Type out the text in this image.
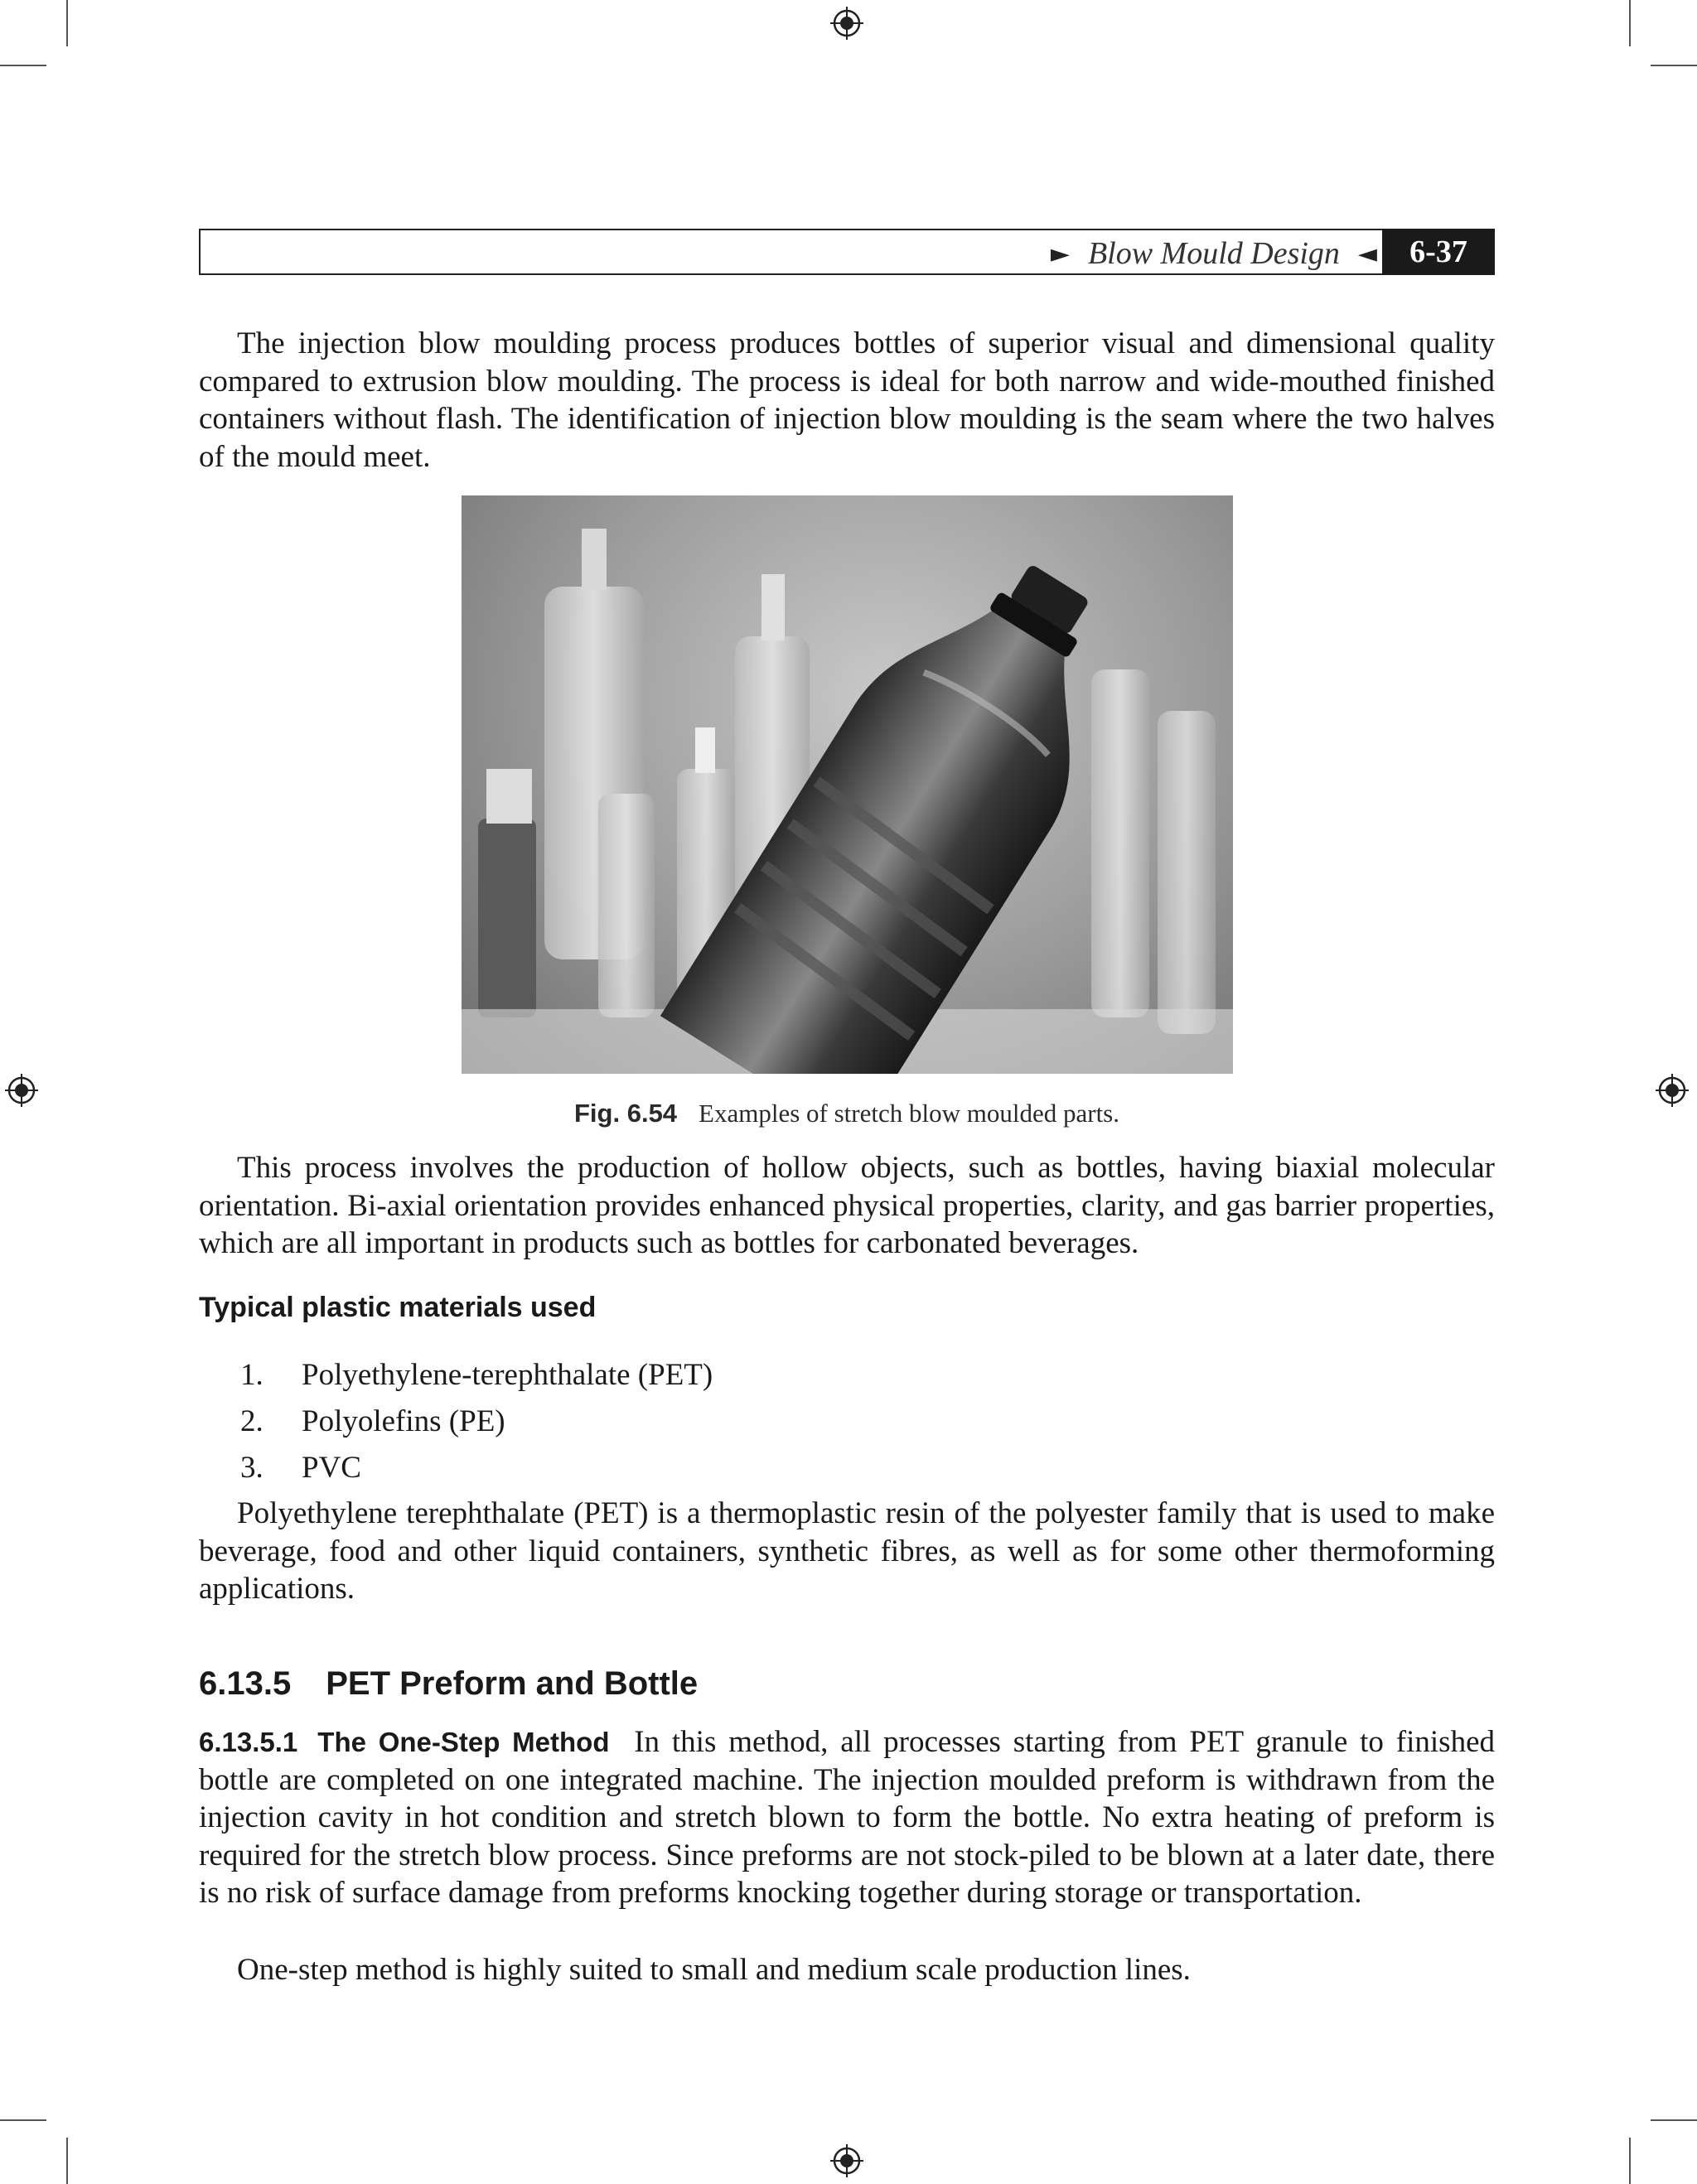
► Blow Mould Design ◄	6-37

The injection blow moulding process produces bottles of superior visual and dimensional quality compared to extrusion blow moulding. The process is ideal for both narrow and wide-mouthed finished containers without flash. The identification of injection blow moulding is the seam where the two halves of the mould meet.

Fig. 6.54 Examples of stretch blow moulded parts.

This process involves the production of hollow objects, such as bottles, having biaxial molecular orientation. Bi-axial orientation provides enhanced physical properties, clarity, and gas barrier properties, which are all important in products such as bottles for carbonated beverages.

Typical plastic materials used
1.	Polyethylene-terephthalate (PET)
2.	Polyolefins (PE)
3.	PVC

Polyethylene terephthalate (PET) is a thermoplastic resin of the polyester family that is used to make beverage, food and other liquid containers, synthetic fibres, as well as for some other thermoforming applications.

6.13.5 PET Preform and Bottle

6.13.5.1 The One-Step Method In this method, all processes starting from PET granule to finished bottle are completed on one integrated machine. The injection moulded preform is withdrawn from the injection cavity in hot condition and stretch blown to form the bottle. No extra heating of preform is required for the stretch blow process. Since preforms are not stock-piled to be blown at a later date, there is no risk of surface damage from preforms knocking together during storage or transportation.

One-step method is highly suited to small and medium scale production lines.
